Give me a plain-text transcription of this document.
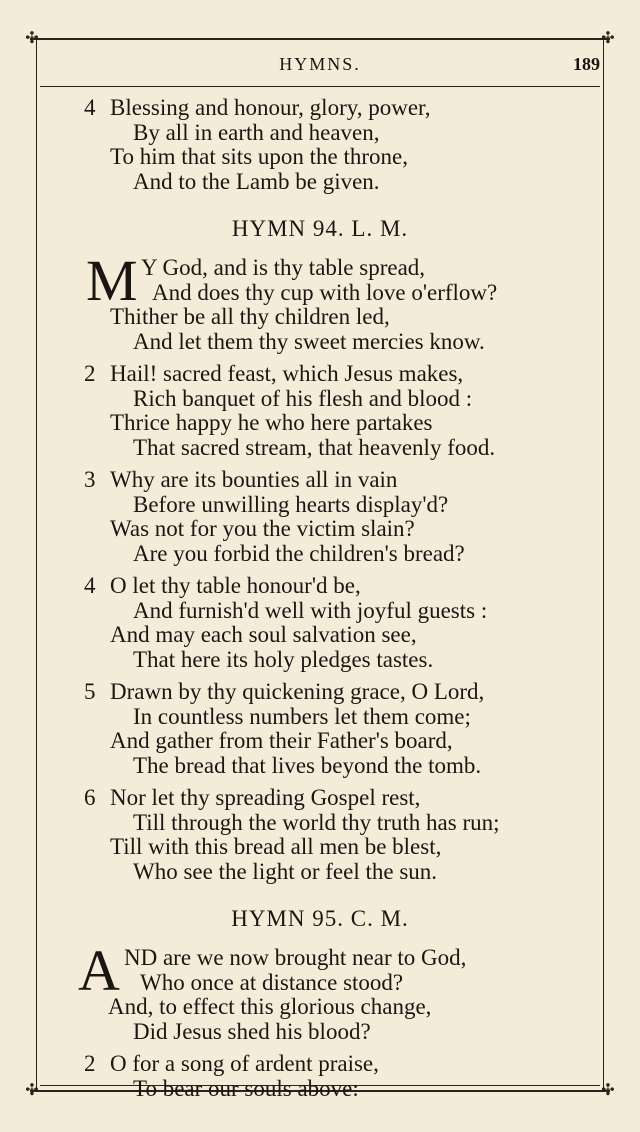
✣	✣
✣	✣
HYMNS.	189
4 Blessing and honour, glory, power,
By all in earth and heaven,
To him that sits upon the throne,
And to the Lamb be given.
HYMN 94. L. M.
M Y God, and is thy table spread,
And does thy cup with love o'erflow?
Thither be all thy children led,
And let them thy sweet mercies know.
2 Hail! sacred feast, which Jesus makes,
Rich banquet of his flesh and blood :
Thrice happy he who here partakes
That sacred stream, that heavenly food.
3 Why are its bounties all in vain
Before unwilling hearts display'd?
Was not for you the victim slain?
Are you forbid the children's bread?
4 O let thy table honour'd be,
And furnish'd well with joyful guests :
And may each soul salvation see,
That here its holy pledges tastes.
5 Drawn by thy quickening grace, O Lord,
In countless numbers let them come;
And gather from their Father's board,
The bread that lives beyond the tomb.
6 Nor let thy spreading Gospel rest,
Till through the world thy truth has run;
Till with this bread all men be blest,
Who see the light or feel the sun.
HYMN 95. C. M.
A ND are we now brought near to God,
Who once at distance stood?
And, to effect this glorious change,
Did Jesus shed his blood?
2 O for a song of ardent praise,
To bear our souls above:
